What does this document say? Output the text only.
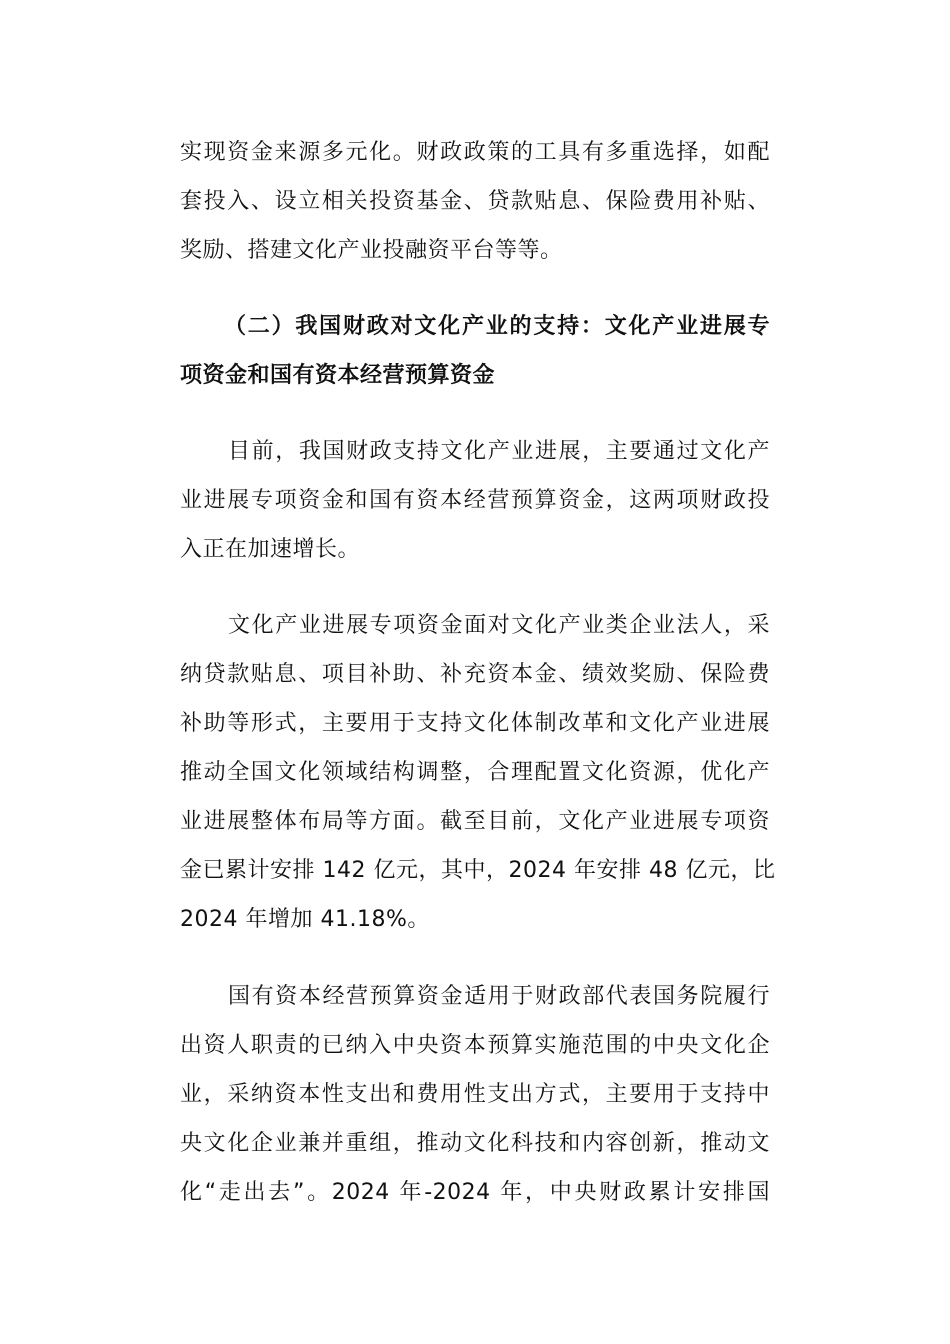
实现资金来源多元化。财政政策的工具有多重选择，如配
套投入、设立相关投资基金、贷款贴息、保险费用补贴、
奖励、搭建文化产业投融资平台等等。

（二）我国财政对文化产业的支持：文化产业进展专
项资金和国有资本经营预算资金

目前，我国财政支持文化产业进展，主要通过文化产
业进展专项资金和国有资本经营预算资金，这两项财政投
入正在加速增长。

文化产业进展专项资金面对文化产业类企业法人，采
纳贷款贴息、项目补助、补充资本金、绩效奖励、保险费
补助等形式，主要用于支持文化体制改革和文化产业进展
推动全国文化领域结构调整，合理配置文化资源，优化产
业进展整体布局等方面。截至目前，文化产业进展专项资
金已累计安排 142 亿元，其中，2024 年安排 48 亿元，比
2024 年增加 41.18%。

国有资本经营预算资金适用于财政部代表国务院履行
出资人职责的已纳入中央资本预算实施范围的中央文化企
业，采纳资本性支出和费用性支出方式，主要用于支持中
央文化企业兼并重组，推动文化科技和内容创新，推动文
化“走出去”。2024 年-2024 年，中央财政累计安排国
